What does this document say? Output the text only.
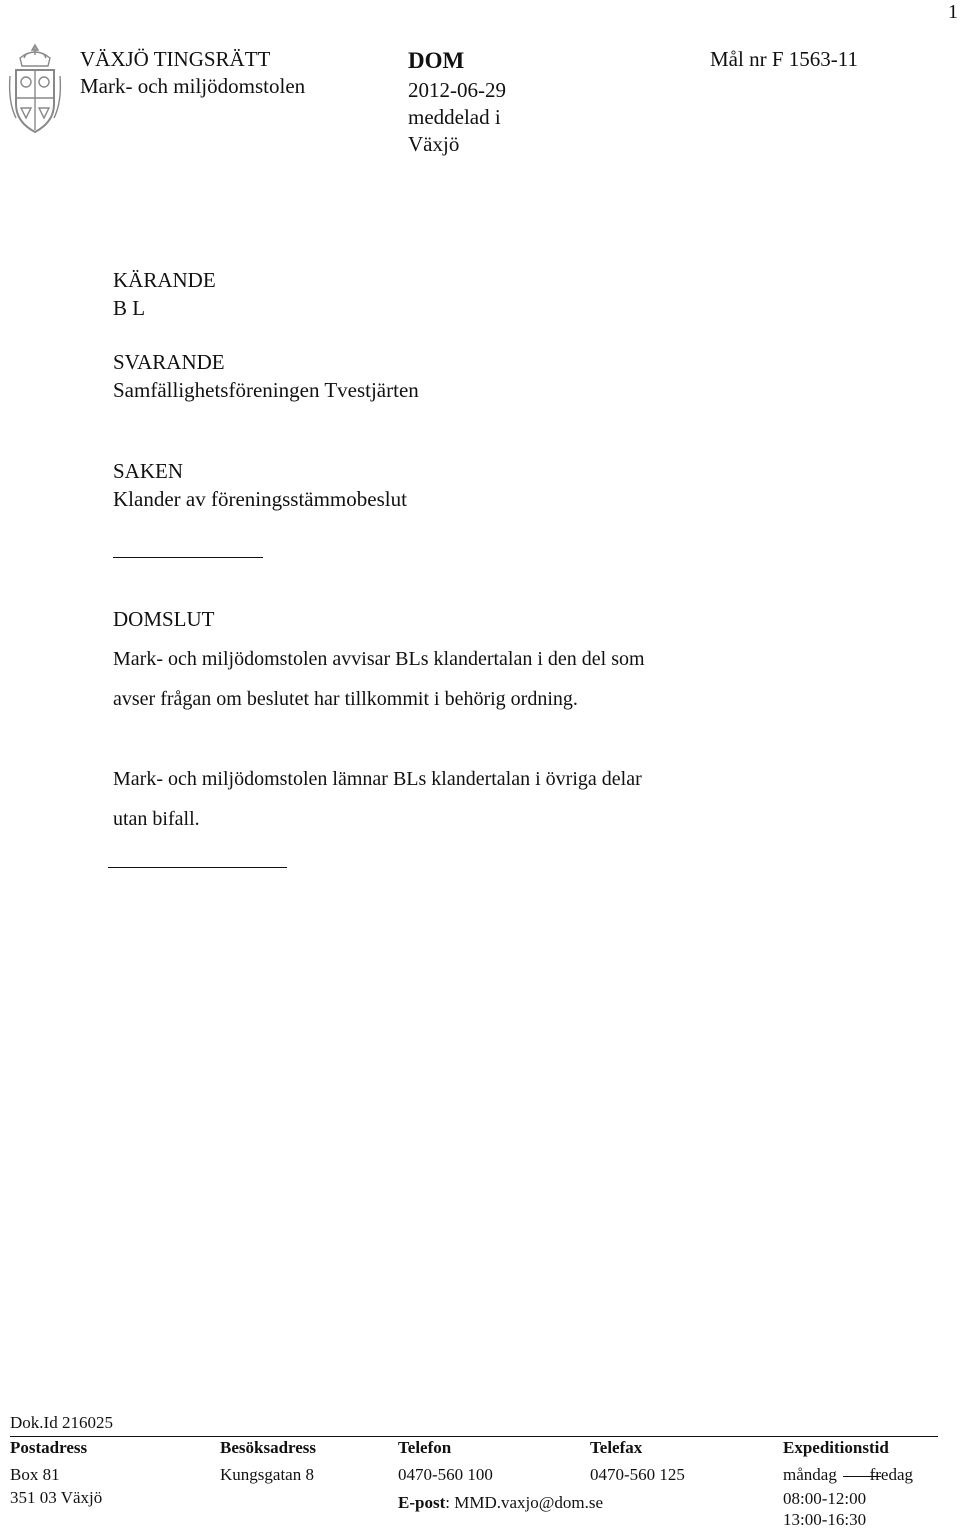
1
VÄXJÖ TINGSRÄTT
Mark- och miljödomstolen
DOM
2012-06-29
meddelad i
Växjö
Mål nr F 1563-11
KÄRANDE
B L
SVARANDE
Samfällighetsföreningen Tvestjärten
SAKEN
Klander av föreningsstämmobeslut
DOMSLUT
Mark- och miljödomstolen avvisar BLs klandertalan i den del som
avser frågan om beslutet har tillkommit i behörig ordning.
Mark- och miljödomstolen lämnar BLs klandertalan i övriga delar
utan bifall.
Dok.Id 216025
Postadress
Box 81
351 03 Växjö
Besöksadress
Kungsgatan 8
Telefon
0470-560 100
E-post: MMD.vaxjo@dom.se
Telefax
0470-560 125
Expeditionstid
måndag fredag
08:00-12:00
13:00-16:30
